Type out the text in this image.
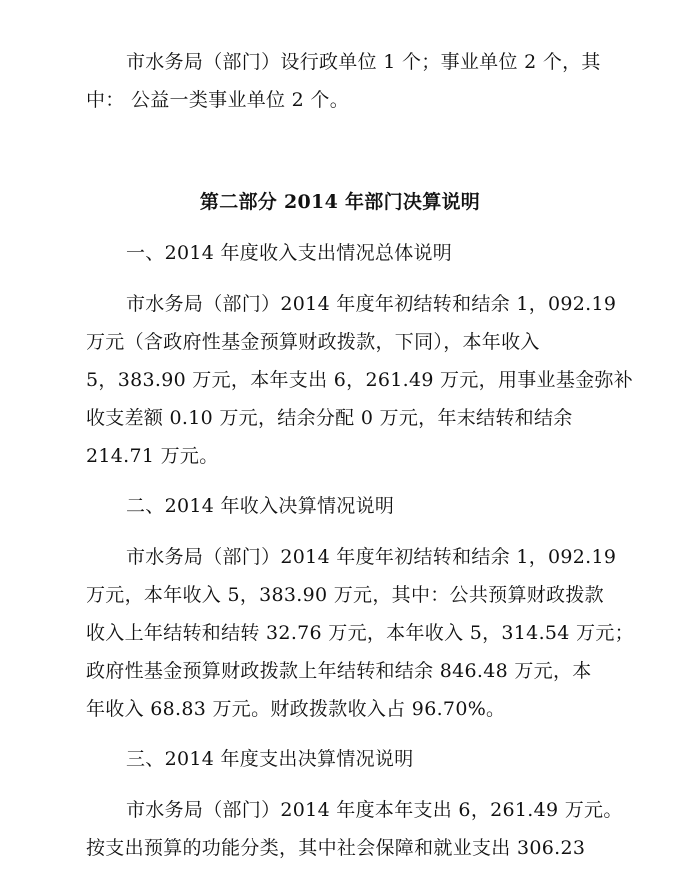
市水务局（部门）设行政单位 1 个；事业单位 2 个，其
中： 公益一类事业单位 2 个。
第二部分 2014 年部门决算说明
一、2014 年度收入支出情况总体说明
市水务局（部门）2014 年度年初结转和结余 1，092.19
万元（含政府性基金预算财政拨款，下同），本年收入
5，383.90 万元，本年支出 6，261.49 万元，用事业基金弥补
收支差额 0.10 万元，结余分配 0 万元，年末结转和结余
214.71 万元。
二、2014 年收入决算情况说明
市水务局（部门）2014 年度年初结转和结余 1，092.19
万元，本年收入 5，383.90 万元，其中：公共预算财政拨款
收入上年结转和结转 32.76 万元，本年收入 5，314.54 万元；
政府性基金预算财政拨款上年结转和结余 846.48 万元，本
年收入 68.83 万元。财政拨款收入占 96.70%。
三、2014 年度支出决算情况说明
市水务局（部门）2014 年度本年支出 6，261.49 万元。
按支出预算的功能分类，其中社会保障和就业支出 306.23
